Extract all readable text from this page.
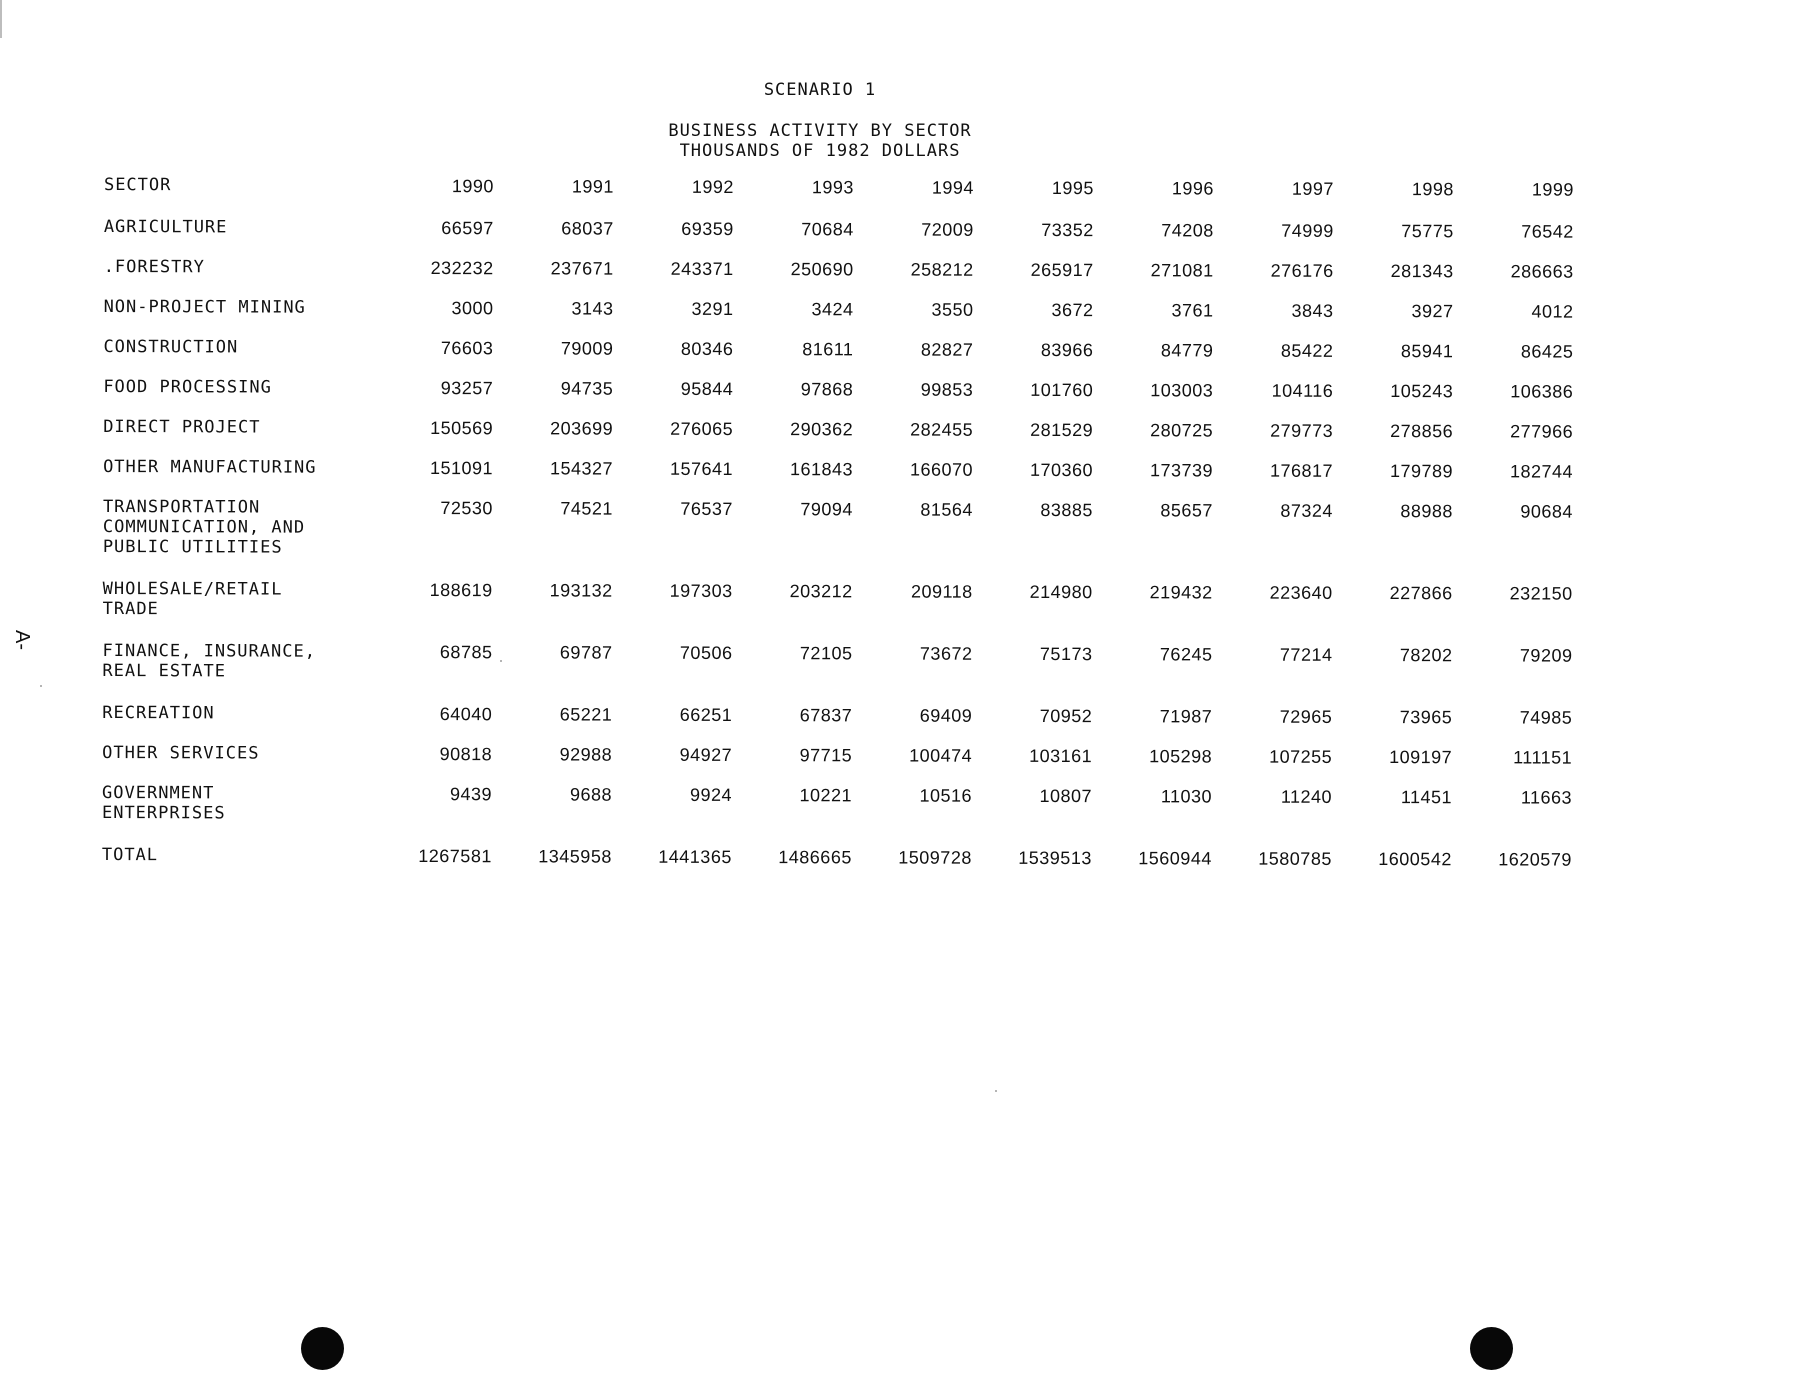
SCENARIO 1
BUSINESS ACTIVITY BY SECTOR
THOUSANDS OF 1982 DOLLARS
A-
SECTOR	1990	1991	1992	1993	1994	1995	1996	1997	1998	1999
AGRICULTURE	66597	68037	69359	70684	72009	73352	74208	74999	75775	76542
.FORESTRY	232232	237671	243371	250690	258212	265917	271081	276176	281343	286663
NON-PROJECT MINING	3000	3143	3291	3424	3550	3672	3761	3843	3927	4012
CONSTRUCTION	76603	79009	80346	81611	82827	83966	84779	85422	85941	86425
FOOD PROCESSING	93257	94735	95844	97868	99853	101760	103003	104116	105243	106386
DIRECT PROJECT	150569	203699	276065	290362	282455	281529	280725	279773	278856	277966
OTHER MANUFACTURING	151091	154327	157641	161843	166070	170360	173739	176817	179789	182744
TRANSPORTATION
COMMUNICATION, AND
PUBLIC UTILITIES	72530	74521	76537	79094	81564	83885	85657	87324	88988	90684
WHOLESALE/RETAIL
TRADE	188619	193132	197303	203212	209118	214980	219432	223640	227866	232150
FINANCE, INSURANCE,
REAL ESTATE	68785	69787	70506	72105	73672	75173	76245	77214	78202	79209
RECREATION	64040	65221	66251	67837	69409	70952	71987	72965	73965	74985
OTHER SERVICES	90818	92988	94927	97715	100474	103161	105298	107255	109197	111151
GOVERNMENT
ENTERPRISES	9439	9688	9924	10221	10516	10807	11030	11240	11451	11663
TOTAL	1267581	1345958	1441365	1486665	1509728	1539513	1560944	1580785	1600542	1620579
